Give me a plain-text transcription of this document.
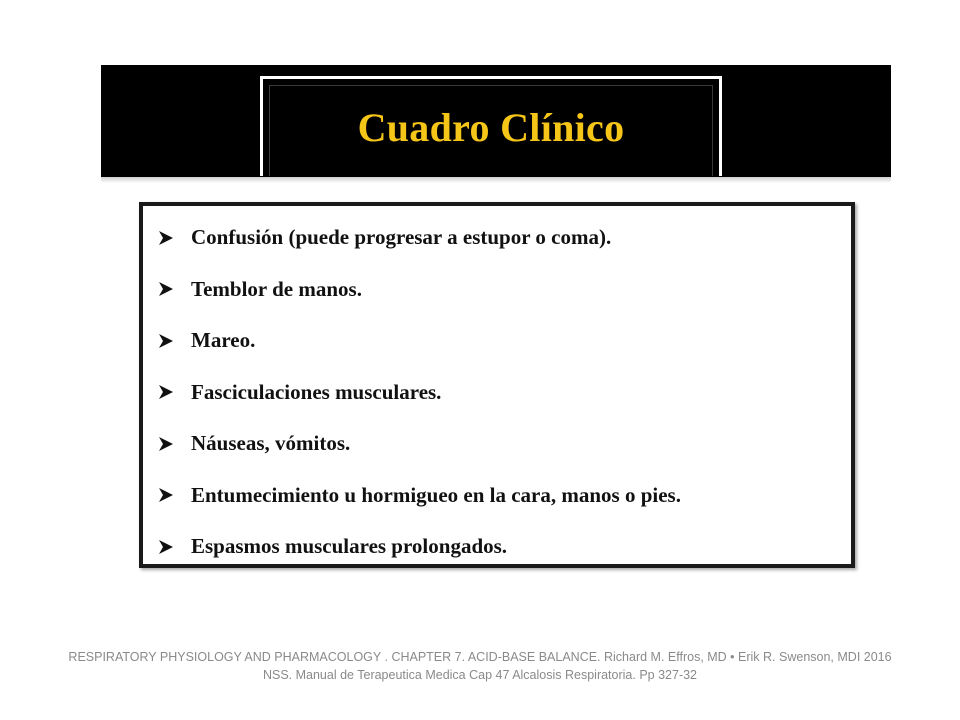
Cuadro Clínico
Confusión (puede progresar a estupor o coma).
Temblor de manos.
Mareo.
Fasciculaciones musculares.
Náuseas, vómitos.
Entumecimiento u hormigueo en la cara, manos o pies.
Espasmos musculares prolongados.
RESPIRATORY PHYSIOLOGY AND PHARMACOLOGY . CHAPTER 7. ACID-BASE BALANCE. Richard M. Effros, MD • Erik R. Swenson, MDI 2016
NSS. Manual de Terapeutica Medica Cap 47 Alcalosis Respiratoria. Pp 327-32
